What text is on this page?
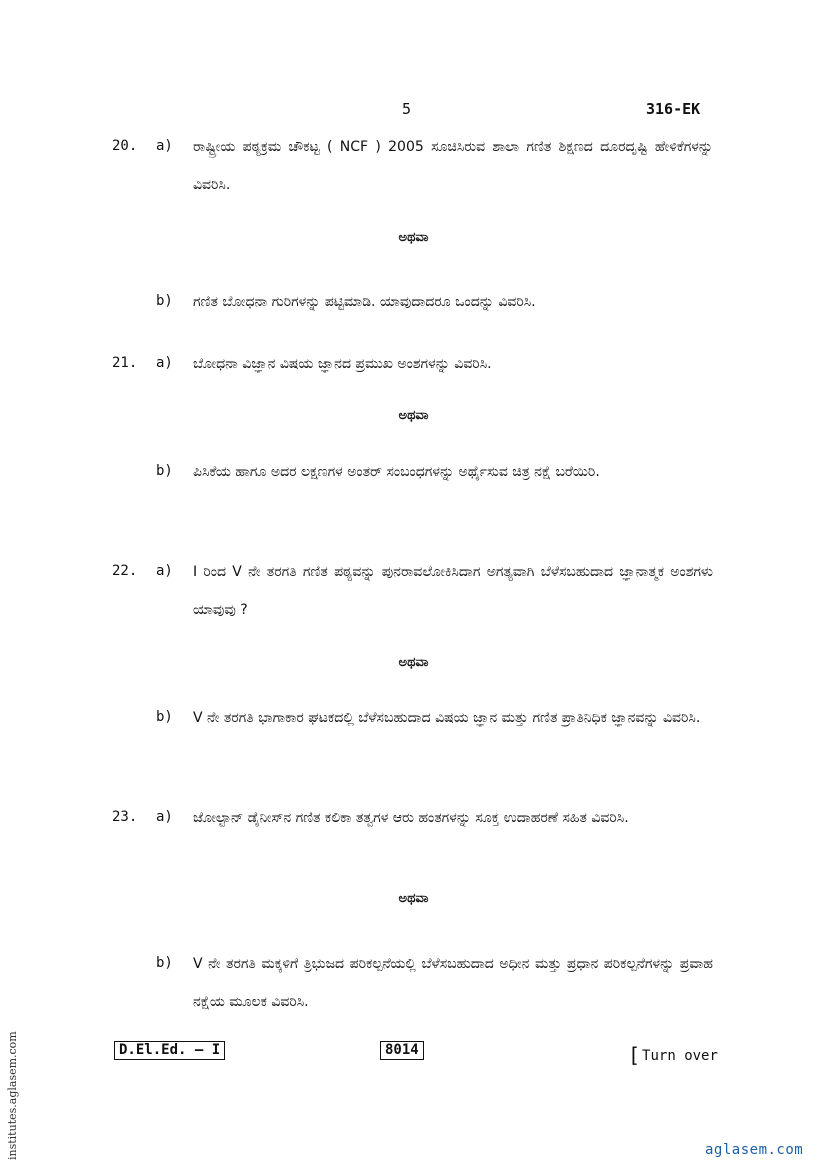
5	316-EK
20. a) ರಾಷ್ಟ್ರೀಯ ಪಠ್ಯಕ್ರಮ ಚೌಕಟ್ಟ ( NCF ) 2005 ಸೂಚಿಸಿರುವ ಶಾಲಾ ಗಣಿತ ಶಿಕ್ಷಣದ ದೂರದೃಷ್ಟಿ ಹೇಳಿಕೆಗಳನ್ನು ವಿವರಿಸಿ.
ಅಥವಾ
b) ಗಣಿತ ಬೋಧನಾ ಗುರಿಗಳನ್ನು ಪಟ್ಟಿಮಾಡಿ. ಯಾವುದಾದರೂ ಒಂದನ್ನು ವಿವರಿಸಿ.
21. a) ಬೋಧನಾ ವಿಜ್ಞಾನ ವಿಷಯ ಜ್ಞಾನದ ಪ್ರಮುಖ ಅಂಶಗಳನ್ನು ವಿವರಿಸಿ.
ಅಥವಾ
b) ಪಿಸಿಕೆಯ ಹಾಗೂ ಅದರ ಲಕ್ಷಣಗಳ ಅಂತರ್ ಸಂಬಂಧಗಳನ್ನು ಅರ್ಥೈಸುವ ಚಿತ್ರ ನಕ್ಷೆ ಬರೆಯಿರಿ.
22. a) I ರಿಂದ V ನೇ ತರಗತಿ ಗಣಿತ ಪಠ್ಯವನ್ನು ಪುನರಾವಲೋಕಿಸಿದಾಗ ಅಗತ್ಯವಾಗಿ ಬೆಳೆಸಬಹುದಾದ ಜ್ಞಾನಾತ್ಮಕ ಅಂಶಗಳು ಯಾವುವು ?
ಅಥವಾ
b) V ನೇ ತರಗತಿ ಭಾಗಾಕಾರ ಘಟಕದಲ್ಲಿ ಬೆಳೆಸಬಹುದಾದ ವಿಷಯ ಜ್ಞಾನ ಮತ್ತು ಗಣಿತ ಪ್ರಾತಿನಿಧಿಕ ಜ್ಞಾನವನ್ನು ವಿವರಿಸಿ.
23. a) ಜೋಲ್ಟಾನ್ ಡೈನೀಸ್‌ನ ಗಣಿತ ಕಲಿಕಾ ತತ್ವಗಳ ಆರು ಹಂತಗಳನ್ನು ಸೂಕ್ತ ಉದಾಹರಣೆ ಸಹಿತ ವಿವರಿಸಿ.
ಅಥವಾ
b) V ನೇ ತರಗತಿ ಮಕ್ಕಳಿಗೆ ತ್ರಿಭುಜದ ಪರಿಕಲ್ಪನೆಯಲ್ಲಿ ಬೆಳೆಸಬಹುದಾದ ಅಧೀನ ಮತ್ತು ಪ್ರಧಾನ ಪರಿಕಲ್ಪನೆಗಳನ್ನು ಪ್ರವಾಹ ನಕ್ಷೆಯ ಮೂಲಕ ವಿವರಿಸಿ.
D.El.Ed. – I	8014	[ Turn over
institutes.aglasem.com	aglasem.com
